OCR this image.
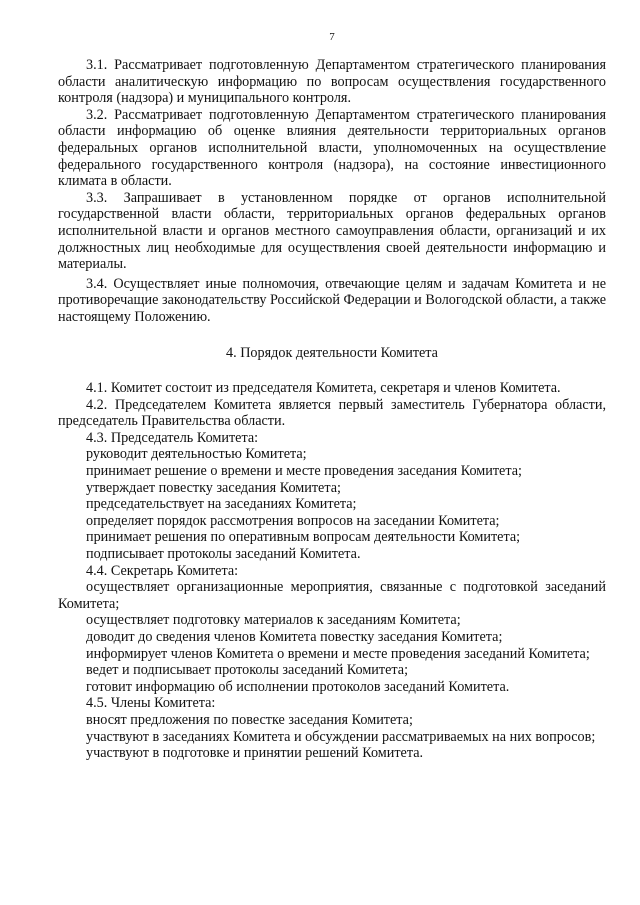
7

3.1. Рассматривает подготовленную Департаментом стратегического планирования области аналитическую информацию по вопросам осуществления государственного контроля (надзора) и муниципального контроля.

3.2. Рассматривает подготовленную Департаментом стратегического планирования области информацию об оценке влияния деятельности территориальных органов федеральных органов исполнительной власти, уполномоченных на осуществление федерального государственного контроля (надзора), на состояние инвестиционного климата в области.

3.3. Запрашивает в установленном порядке от органов исполнительной государственной власти области, территориальных органов федеральных органов исполнительной власти и органов местного самоуправления области, организаций и их должностных лиц необходимые для осуществления своей деятельности информацию и материалы.

3.4. Осуществляет иные полномочия, отвечающие целям и задачам Комитета и не противоречащие законодательству Российской Федерации и Вологодской области, а также настоящему Положению.

4. Порядок деятельности Комитета

4.1. Комитет состоит из председателя Комитета, секретаря и членов Комитета.

4.2. Председателем Комитета является первый заместитель Губернатора области, председатель Правительства области.

4.3. Председатель Комитета:

руководит деятельностью Комитета;

принимает решение о времени и месте проведения заседания Комитета;

утверждает повестку заседания Комитета;

председательствует на заседаниях Комитета;

определяет порядок рассмотрения вопросов на заседании Комитета;

принимает решения по оперативным вопросам деятельности Комитета;

подписывает протоколы заседаний Комитета.

4.4. Секретарь Комитета:

осуществляет организационные мероприятия, связанные с подготовкой заседаний Комитета;

осуществляет подготовку материалов к заседаниям Комитета;

доводит до сведения членов Комитета повестку заседания Комитета;

информирует членов Комитета о времени и месте проведения заседаний Комитета;

ведет и подписывает протоколы заседаний Комитета;

готовит информацию об исполнении протоколов заседаний Комитета.

4.5. Члены Комитета:

вносят предложения по повестке заседания Комитета;

участвуют в заседаниях Комитета и обсуждении рассматриваемых на них вопросов;

участвуют в подготовке и принятии решений Комитета.
